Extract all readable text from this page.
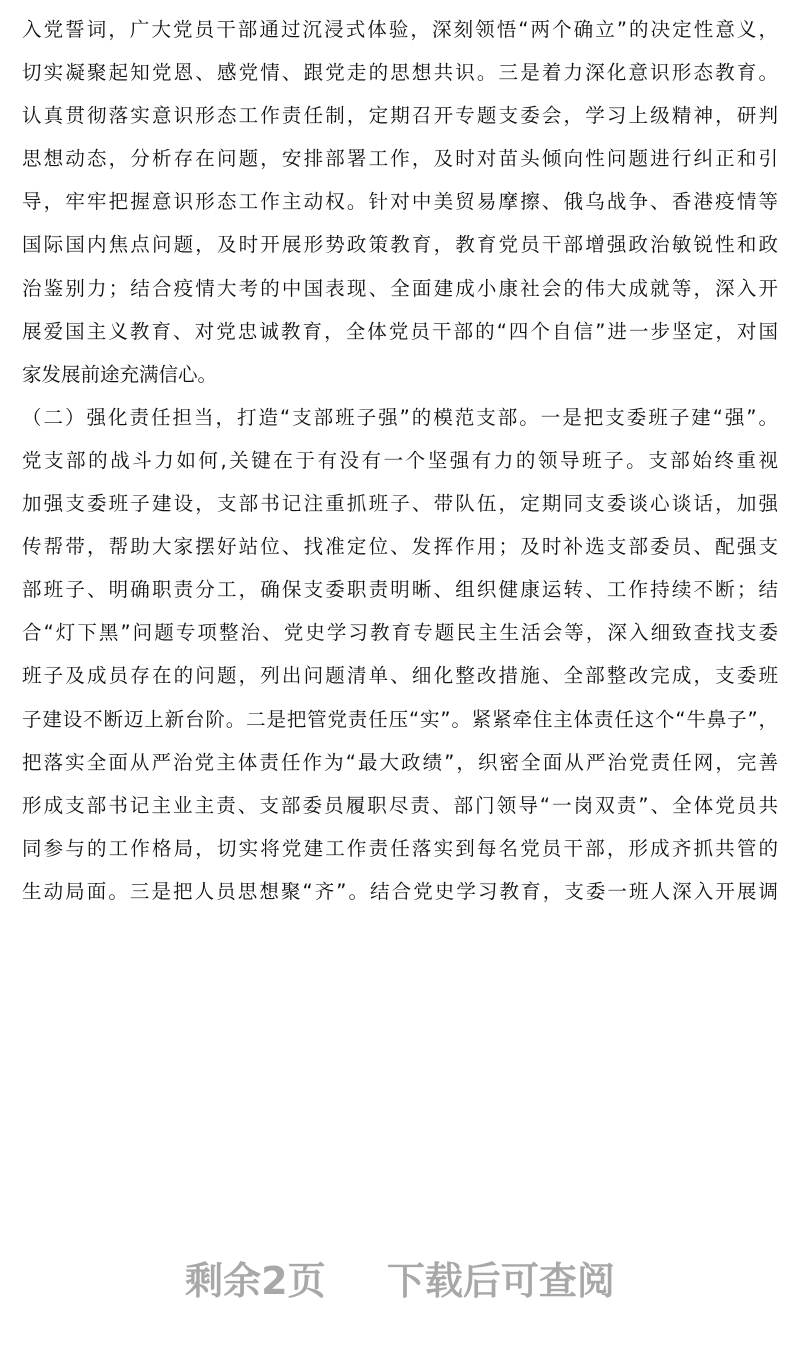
入党誓词，广大党员干部通过沉浸式体验，深刻领悟“两个确立”的决定性意义，
切实凝聚起知党恩、感党情、跟党走的思想共识。三是着力深化意识形态教育。
认真贯彻落实意识形态工作责任制，定期召开专题支委会，学习上级精神，研判
思想动态，分析存在问题，安排部署工作，及时对苗头倾向性问题进行纠正和引
导，牢牢把握意识形态工作主动权。针对中美贸易摩擦、俄乌战争、香港疫情等
国际国内焦点问题，及时开展形势政策教育，教育党员干部增强政治敏锐性和政
治鉴别力；结合疫情大考的中国表现、全面建成小康社会的伟大成就等，深入开
展爱国主义教育、对党忠诚教育，全体党员干部的“四个自信”进一步坚定，对国
家发展前途充满信心。
（二）强化责任担当，打造“支部班子强”的模范支部。一是把支委班子建“强”。
党支部的战斗力如何,关键在于有没有一个坚强有力的领导班子。支部始终重视
加强支委班子建设，支部书记注重抓班子、带队伍，定期同支委谈心谈话，加强
传帮带，帮助大家摆好站位、找准定位、发挥作用；及时补选支部委员、配强支
部班子、明确职责分工，确保支委职责明晰、组织健康运转、工作持续不断；结
合“灯下黑”问题专项整治、党史学习教育专题民主生活会等，深入细致查找支委
班子及成员存在的问题，列出问题清单、细化整改措施、全部整改完成，支委班
子建设不断迈上新台阶。二是把管党责任压“实”。紧紧牵住主体责任这个“牛鼻子”，
把落实全面从严治党主体责任作为“最大政绩”，织密全面从严治党责任网，完善
形成支部书记主业主责、支部委员履职尽责、部门领导“一岗双责”、全体党员共
同参与的工作格局，切实将党建工作责任落实到每名党员干部，形成齐抓共管的
生动局面。三是把人员思想聚“齐”。结合党史学习教育，支委一班人深入开展调
剩余2页 下载后可查阅
